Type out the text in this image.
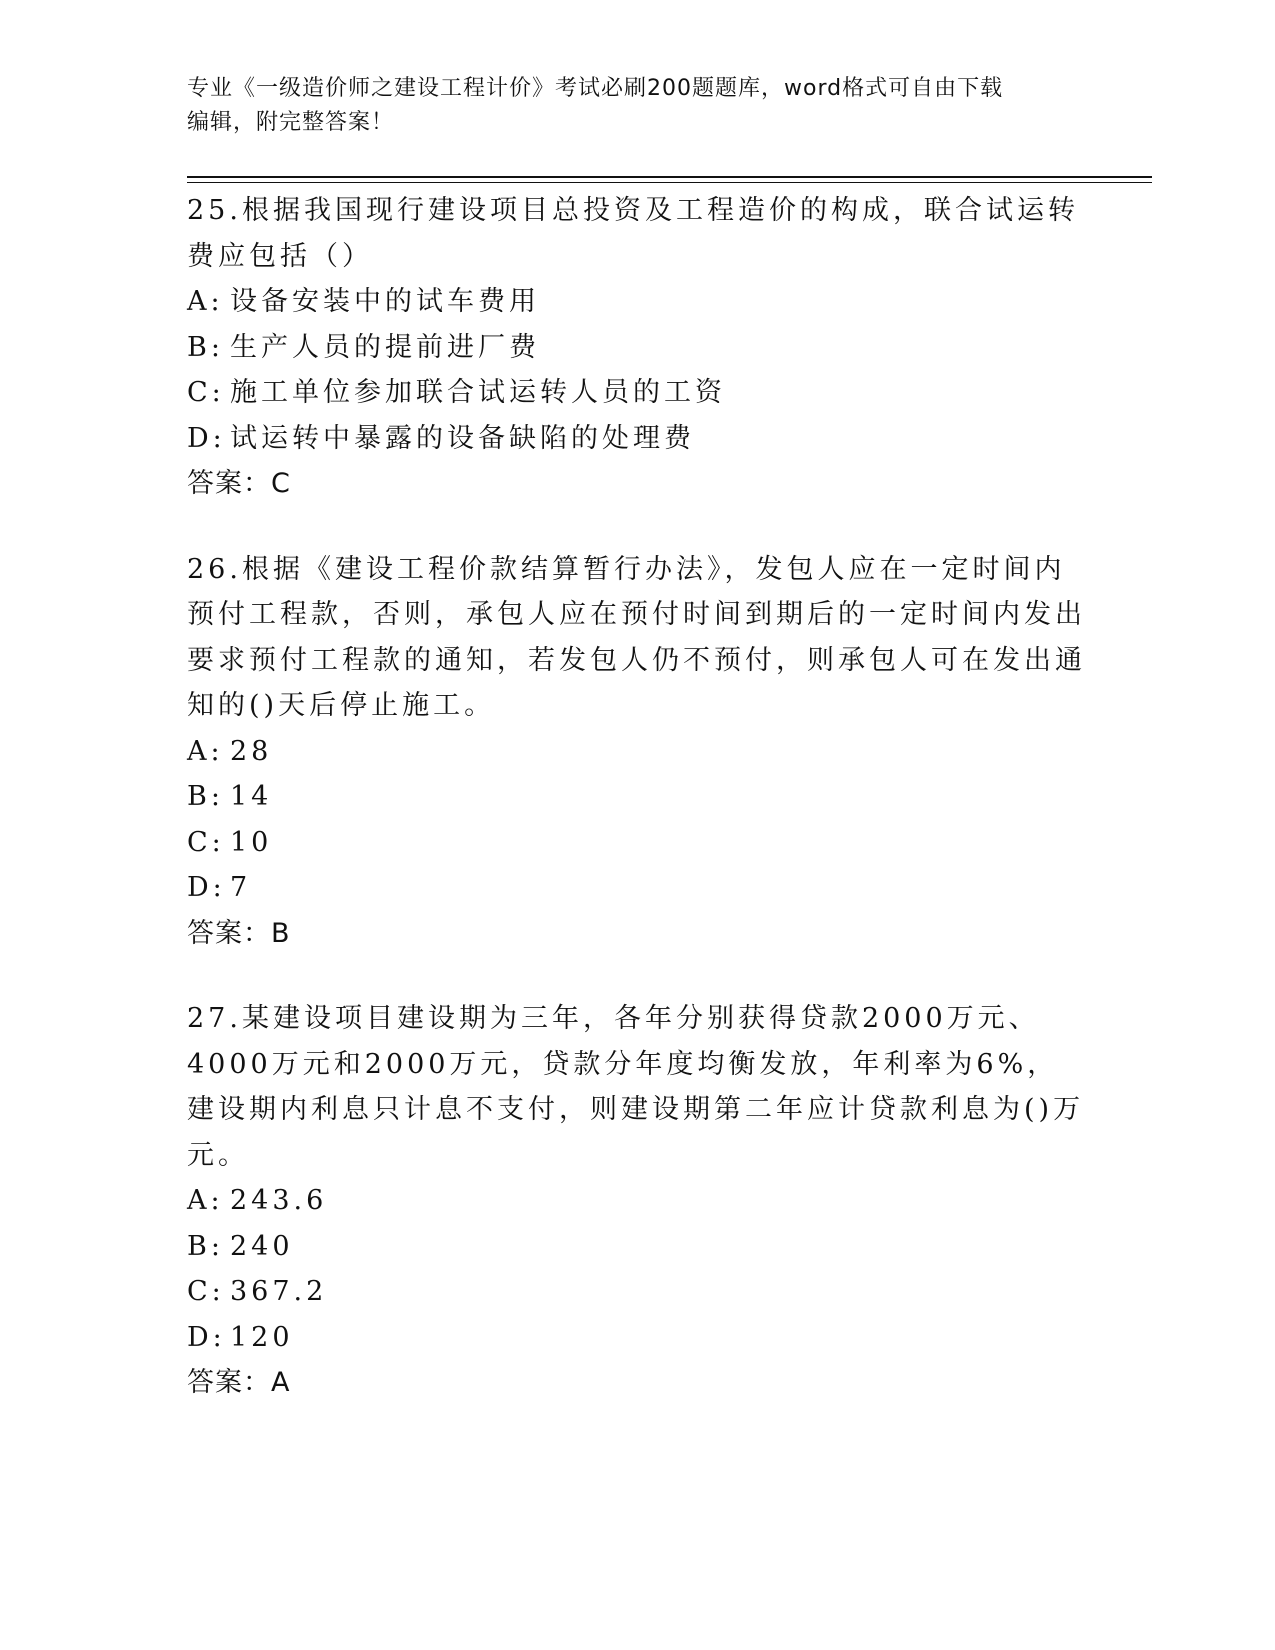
专业《一级造价师之建设工程计价》考试必刷200题题库，word格式可自由下载
编辑，附完整答案！

25.根据我国现行建设项目总投资及工程造价的构成，联合试运转费应包括（）

A: 设备安装中的试车费用
B: 生产人员的提前进厂费
C: 施工单位参加联合试运转人员的工资
D: 试运转中暴露的设备缺陷的处理费

答案：C

26.根据《建设工程价款结算暂行办法》，发包人应在一定时间内预付工程款，否则，承包人应在预付时间到期后的一定时间内发出要求预付工程款的通知，若发包人仍不预付，则承包人可在发出通知的()天后停止施工。

A: 28
B: 14
C: 10
D: 7

答案：B

27.某建设项目建设期为三年，各年分别获得贷款2000万元、4000万元和2000万元，贷款分年度均衡发放，年利率为6%，建设期内利息只计息不支付，则建设期第二年应计贷款利息为()万元。

A: 243.6
B: 240
C: 367.2
D: 120

答案：A
